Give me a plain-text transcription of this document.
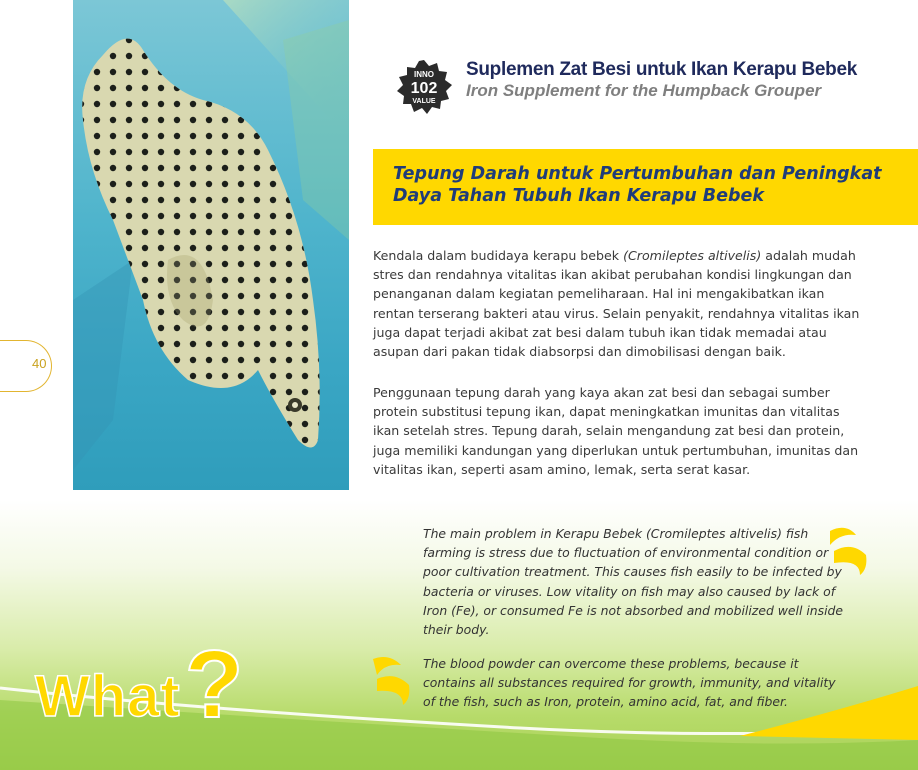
40
INNO
102
VALUE
Suplemen Zat Besi untuk Ikan Kerapu Bebek
Iron Supplement for the Humpback Grouper
Tepung Darah untuk Pertumbuhan dan Peningkat Daya Tahan Tubuh Ikan Kerapu Bebek

Kendala dalam budidaya kerapu bebek (Cromileptes altivelis) adalah mudah stres dan rendahnya vitalitas ikan akibat perubahan kondisi lingkungan dan penanganan dalam kegiatan pemeliharaan. Hal ini mengakibatkan ikan rentan terserang bakteri atau virus. Selain penyakit, rendahnya vitalitas ikan juga dapat terjadi akibat zat besi dalam tubuh ikan tidak memadai atau asupan dari pakan tidak diabsorpsi dan dimobilisasi dengan baik.

Penggunaan tepung darah yang kaya akan zat besi dan sebagai sumber protein substitusi tepung ikan, dapat meningkatkan imunitas dan vitalitas ikan setelah stres. Tepung darah, selain mengandung zat besi dan protein, juga memiliki kandungan yang diperlukan untuk pertumbuhan, imunitas dan vitalitas ikan, seperti asam amino, lemak, serta serat kasar.

The main problem in Kerapu Bebek (Cromileptes altivelis) fish farming is stress due to fluctuation of environmental condition or poor cultivation treatment. This causes fish easily to be infected by bacteria or viruses. Low vitality on fish may also caused by lack of Iron (Fe), or consumed Fe is not absorbed and mobilized well inside their body.

The blood powder can overcome these problems, because it contains all substances required for growth, immunity, and vitality of the fish, such as Iron, protein, amino acid, fat, and fiber.

What?
